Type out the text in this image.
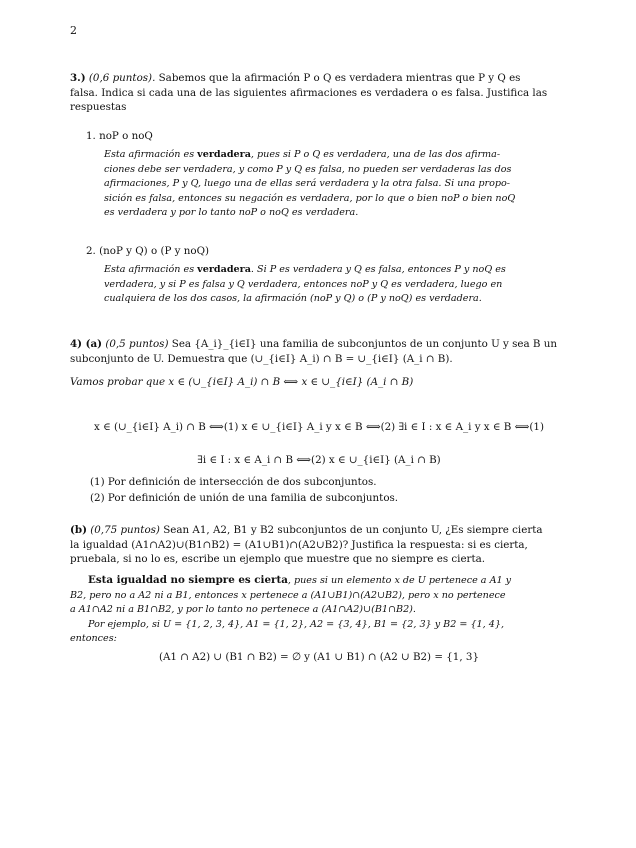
2
3.) (0,6 puntos). Sabemos que la afirmación P o Q es verdadera mientras que P y Q es
falsa. Indica si cada una de las siguientes afirmaciones es verdadera o es falsa. Justifica las
respuestas
1. noP o noQ
Esta afirmación es verdadera, pues si P o Q es verdadera, una de las dos afirma-
ciones debe ser verdadera, y como P y Q es falsa, no pueden ser verdaderas las dos
afirmaciones, P y Q, luego una de ellas será verdadera y la otra falsa. Si una propo-
sición es falsa, entonces su negación es verdadera, por lo que o bien noP o bien noQ
es verdadera y por lo tanto noP o noQ es verdadera.
2. (noP y Q) o (P y noQ)
Esta afirmación es verdadera. Si P es verdadera y Q es falsa, entonces P y noQ es
verdadera, y si P es falsa y Q verdadera, entonces noP y Q es verdadera, luego en
cualquiera de los dos casos, la afirmación (noP y Q) o (P y noQ) es verdadera.
4) (a) (0,5 puntos) Sea {A_i}_{i∈I} una familia de subconjuntos de un conjunto U y sea B un
subconjunto de U. Demuestra que (∪_{i∈I} A_i) ∩ B = ∪_{i∈I} (A_i ∩ B).
Vamos probar que x ∈ (∪_{i∈I} A_i) ∩ B ⟺ x ∈ ∪_{i∈I} (A_i ∩ B)
x ∈ (∪_{i∈I} A_i) ∩ B ⟺(1) x ∈ ∪_{i∈I} A_i y x ∈ B ⟺(2) ∃i ∈ I : x ∈ A_i y x ∈ B ⟺(1)
∃i ∈ I : x ∈ A_i ∩ B ⟺(2) x ∈ ∪_{i∈I} (A_i ∩ B)
(1) Por definición de intersección de dos subconjuntos.
(2) Por definición de unión de una familia de subconjuntos.
(b) (0,75 puntos) Sean A1, A2, B1 y B2 subconjuntos de un conjunto U, ¿Es siempre cierta
la igualdad (A1∩A2)∪(B1∩B2) = (A1∪B1)∩(A2∪B2)? Justifica la respuesta: si es cierta,
pruebala, si no lo es, escribe un ejemplo que muestre que no siempre es cierta.
Esta igualdad no siempre es cierta, pues si un elemento x de U pertenece a A1 y
B2, pero no a A2 ni a B1, entonces x pertenece a (A1∪B1)∩(A2∪B2), pero x no pertenece
a A1∩A2 ni a B1∩B2, y por lo tanto no pertenece a (A1∩A2)∪(B1∩B2).
Por ejemplo, si U = {1, 2, 3, 4}, A1 = {1, 2}, A2 = {3, 4}, B1 = {2, 3} y B2 = {1, 4},
entonces:
(A1 ∩ A2) ∪ (B1 ∩ B2) = ∅ y (A1 ∪ B1) ∩ (A2 ∪ B2) = {1, 3}
